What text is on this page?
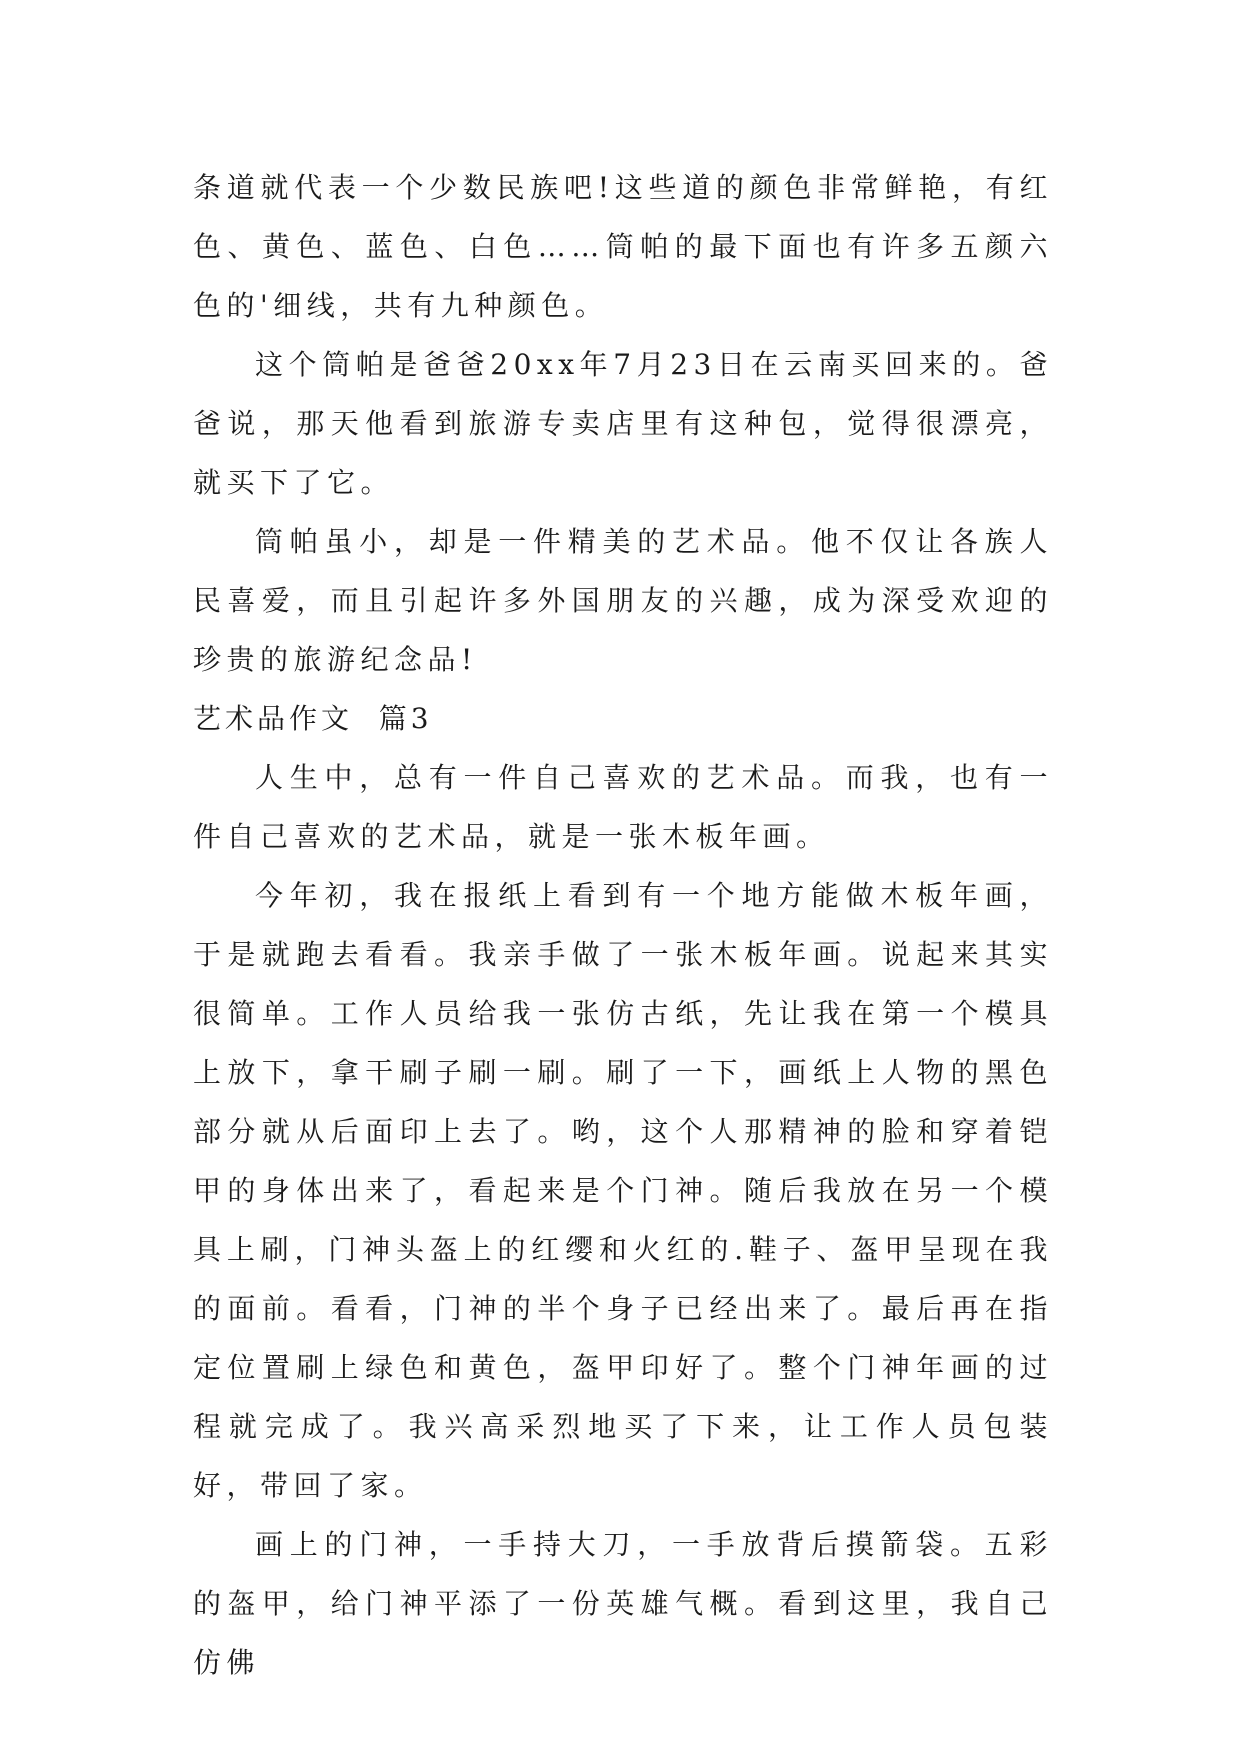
条道就代表一个少数民族吧!这些道的颜色非常鲜艳，有红色、黄色、蓝色、白色……筒帕的最下面也有许多五颜六色的'细线，共有九种颜色。

这个筒帕是爸爸20xx年7月23日在云南买回来的。爸爸说，那天他看到旅游专卖店里有这种包，觉得很漂亮，就买下了它。

筒帕虽小，却是一件精美的艺术品。他不仅让各族人民喜爱，而且引起许多外国朋友的兴趣，成为深受欢迎的珍贵的旅游纪念品!

艺术品作文  篇3

人生中，总有一件自己喜欢的艺术品。而我，也有一件自己喜欢的艺术品，就是一张木板年画。

今年初，我在报纸上看到有一个地方能做木板年画，于是就跑去看看。我亲手做了一张木板年画。说起来其实很简单。工作人员给我一张仿古纸，先让我在第一个模具上放下，拿干刷子刷一刷。刷了一下，画纸上人物的黑色部分就从后面印上去了。哟，这个人那精神的脸和穿着铠甲的身体出来了，看起来是个门神。随后我放在另一个模具上刷，门神头盔上的红缨和火红的.鞋子、盔甲呈现在我的面前。看看，门神的半个身子已经出来了。最后再在指定位置刷上绿色和黄色，盔甲印好了。整个门神年画的过程就完成了。我兴高采烈地买了下来，让工作人员包装好，带回了家。

画上的门神，一手持大刀，一手放背后摸箭袋。五彩的盔甲，给门神平添了一份英雄气概。看到这里，我自己仿佛
